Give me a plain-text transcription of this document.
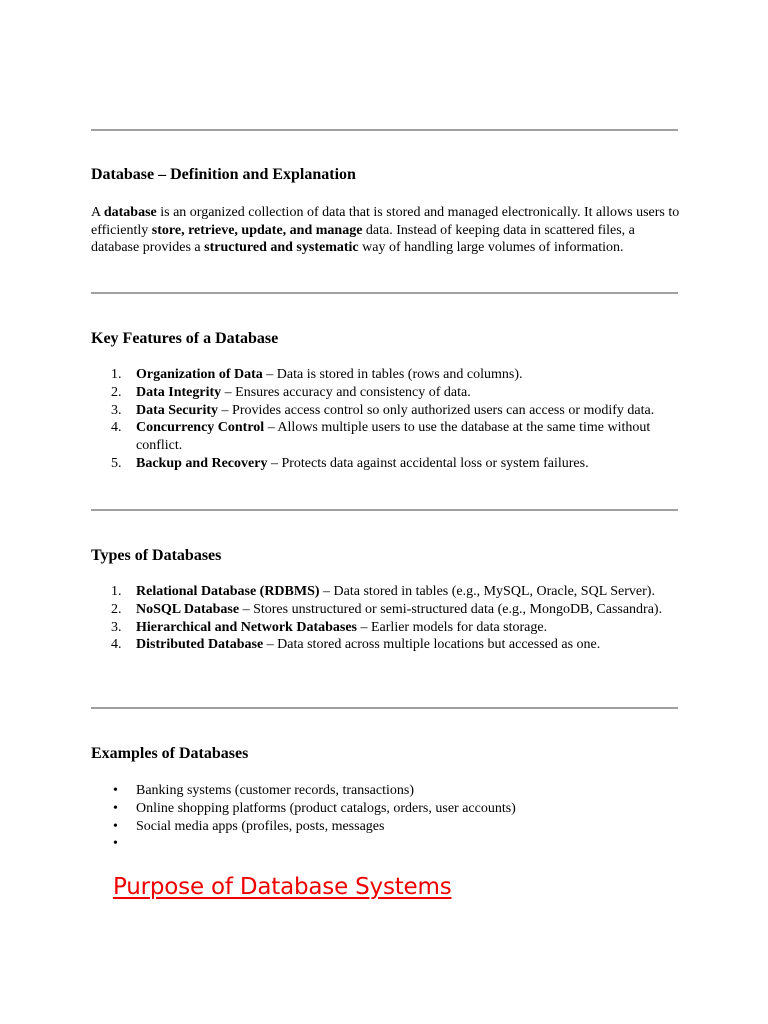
Database – Definition and Explanation
A database is an organized collection of data that is stored and managed electronically. It allows users to efficiently store, retrieve, update, and manage data. Instead of keeping data in scattered files, a database provides a structured and systematic way of handling large volumes of information.
Key Features of a Database
1.	Organization of Data – Data is stored in tables (rows and columns).
2.	Data Integrity – Ensures accuracy and consistency of data.
3.	Data Security – Provides access control so only authorized users can access or modify data.
4.	Concurrency Control – Allows multiple users to use the database at the same time without conflict.
5.	Backup and Recovery – Protects data against accidental loss or system failures.
Types of Databases
1.	Relational Database (RDBMS) – Data stored in tables (e.g., MySQL, Oracle, SQL Server).
2.	NoSQL Database – Stores unstructured or semi-structured data (e.g., MongoDB, Cassandra).
3.	Hierarchical and Network Databases – Earlier models for data storage.
4.	Distributed Database – Data stored across multiple locations but accessed as one.
Examples of Databases
•	Banking systems (customer records, transactions)
•	Online shopping platforms (product catalogs, orders, user accounts)
•	Social media apps (profiles, posts, messages
•

Purpose of Database Systems
